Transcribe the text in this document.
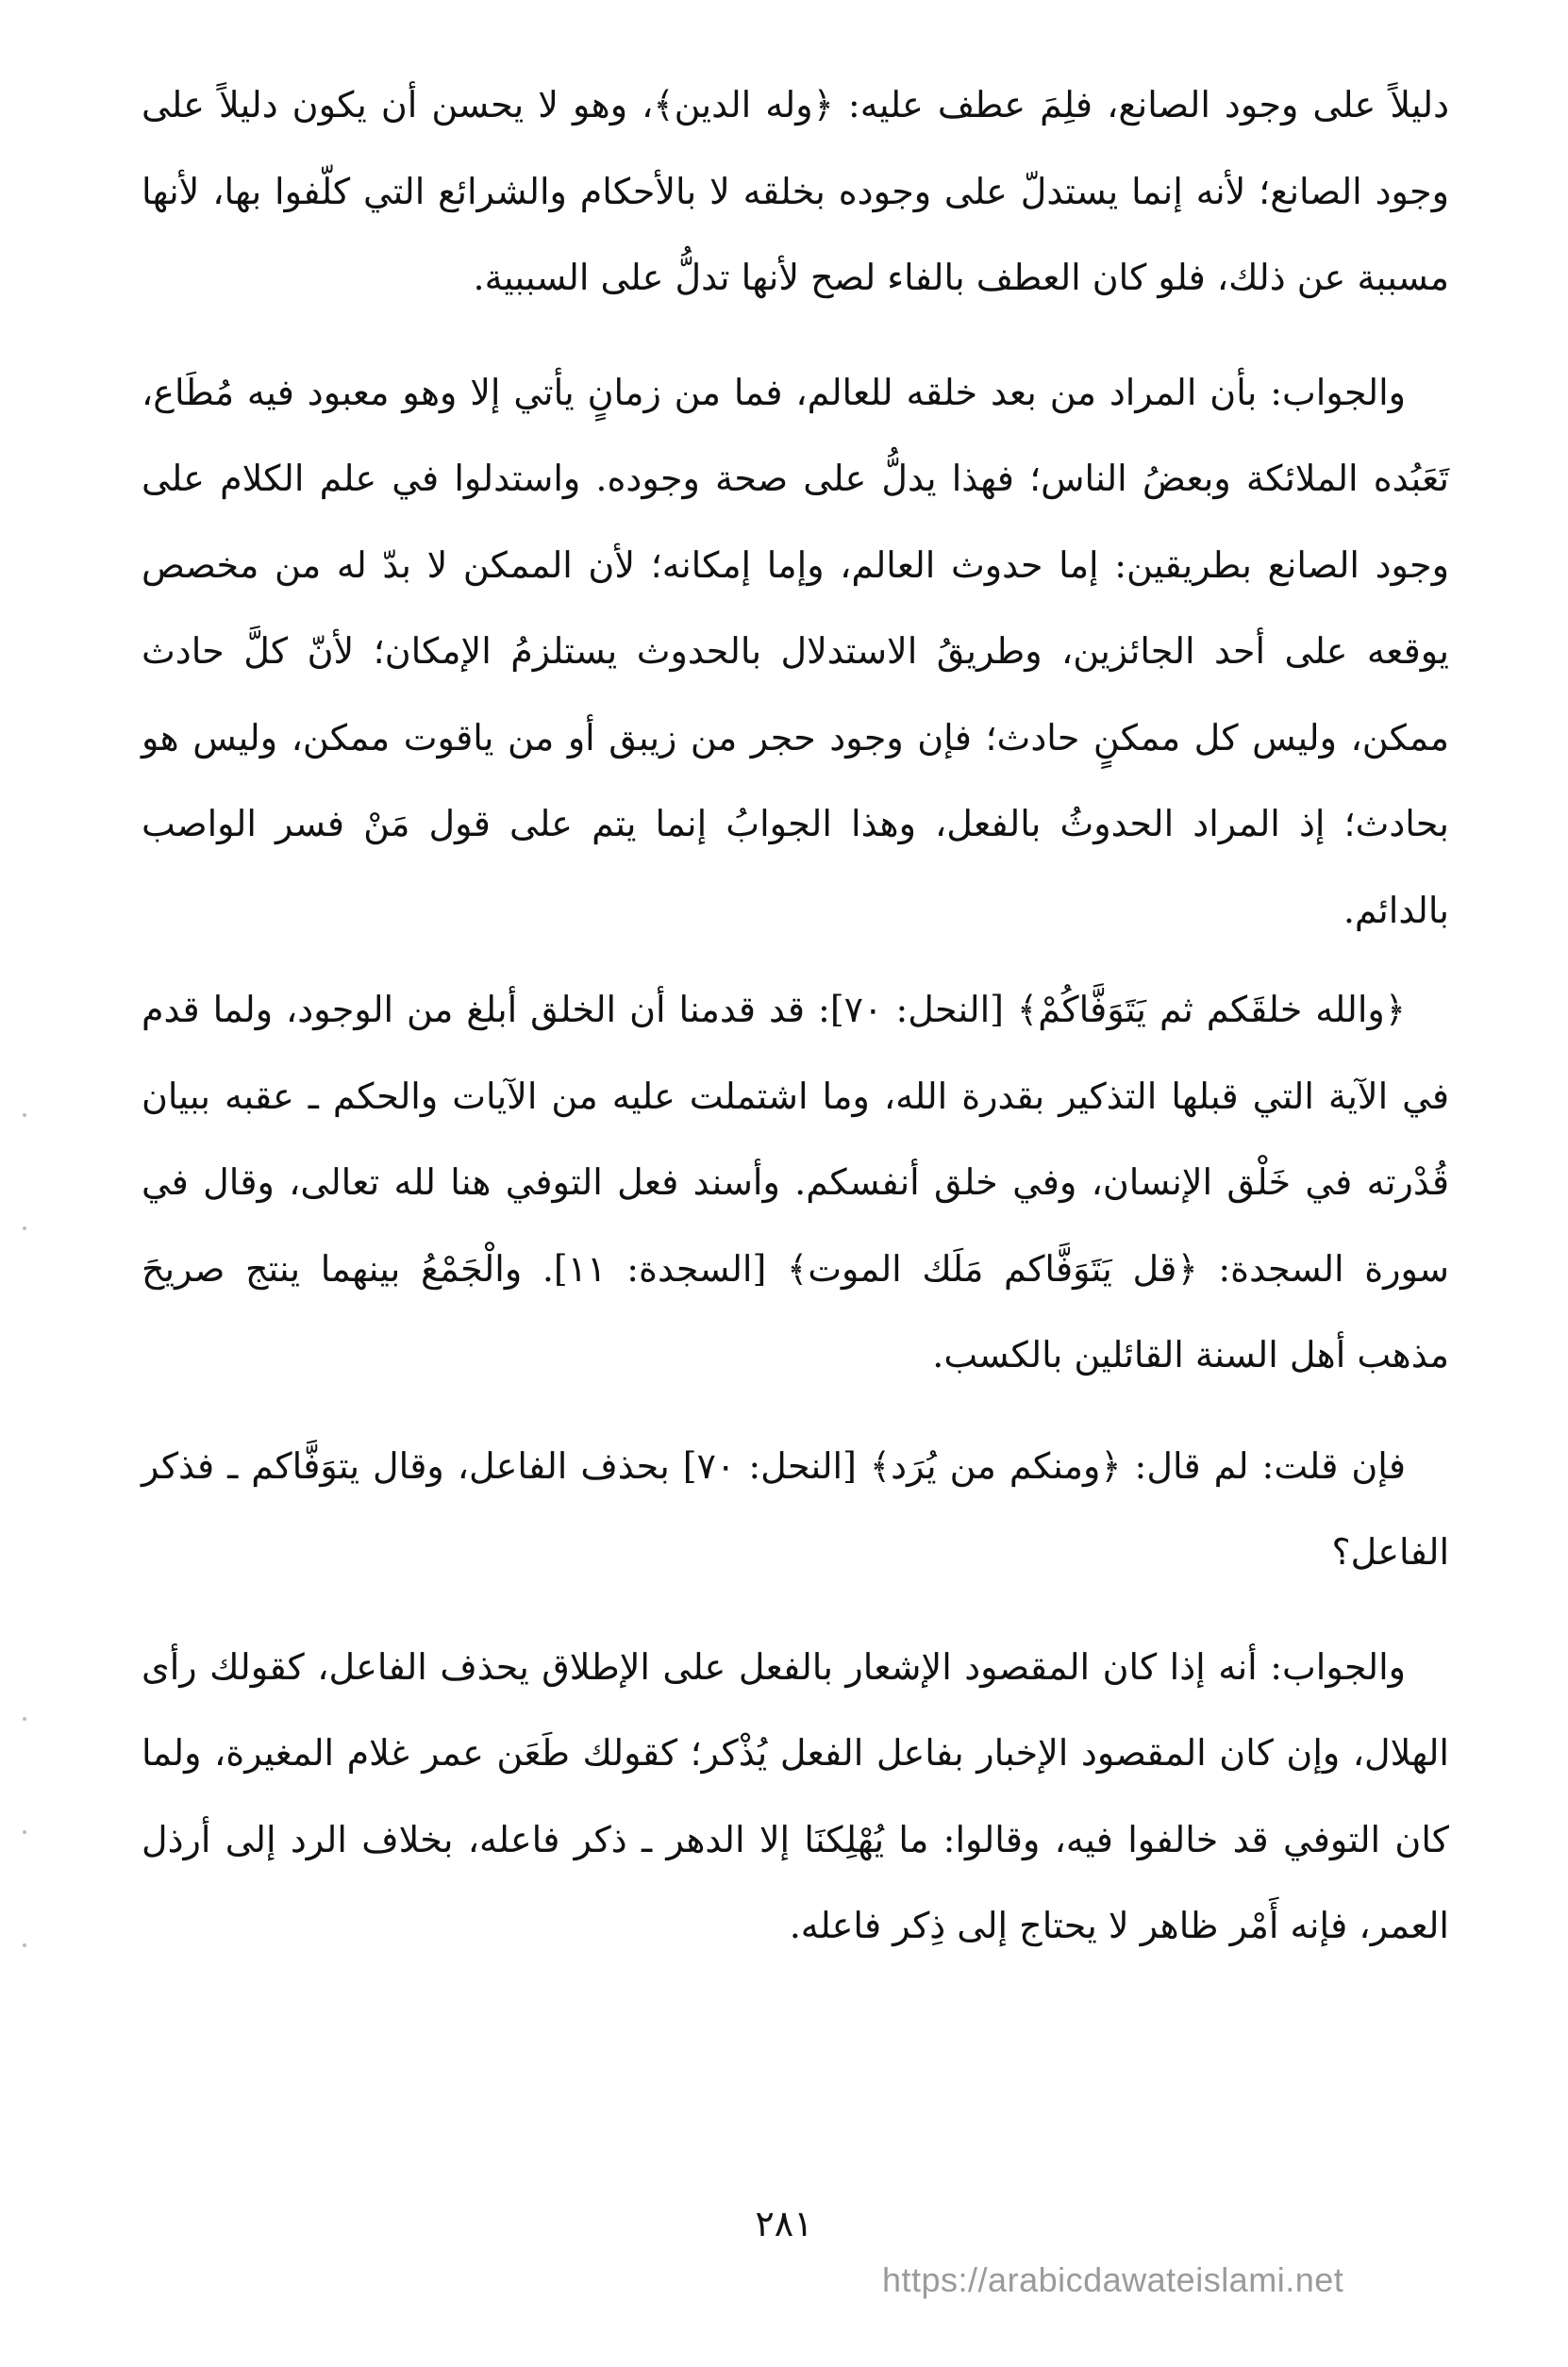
دليلاً على وجود الصانع، فلِمَ عطف عليه: ﴿وله الدين﴾، وهو لا يحسن أن يكون دليلاً على وجود الصانع؛ لأنه إنما يستدلّ على وجوده بخلقه لا بالأحكام والشرائع التي كلّفوا بها، لأنها مسببة عن ذلك، فلو كان العطف بالفاء لصح لأنها تدلُّ على السببية.

والجواب: بأن المراد من بعد خلقه للعالم، فما من زمانٍ يأتي إلا وهو معبود فيه مُطَاع، تَعَبُده الملائكة وبعضُ الناس؛ فهذا يدلُّ على صحة وجوده. واستدلوا في علم الكلام على وجود الصانع بطريقين: إما حدوث العالم، وإما إمكانه؛ لأن الممكن لا بدّ له من مخصص يوقعه على أحد الجائزين، وطريقُ الاستدلال بالحدوث يستلزمُ الإمكان؛ لأنّ كلَّ حادث ممكن، وليس كل ممكنٍ حادث؛ فإن وجود حجر من زيبق أو من ياقوت ممكن، وليس هو بحادث؛ إذ المراد الحدوثُ بالفعل، وهذا الجوابُ إنما يتم على قول مَنْ فسر الواصب بالدائم.

﴿والله خلقَكم ثم يَتَوَفَّاكُمْ﴾ [النحل: ٧٠]: قد قدمنا أن الخلق أبلغ من الوجود، ولما قدم في الآية التي قبلها التذكير بقدرة الله، وما اشتملت عليه من الآيات والحكم ـ عقبه ببيان قُدْرته في خَلْق الإنسان، وفي خلق أنفسكم. وأسند فعل التوفي هنا لله تعالى، وقال في سورة السجدة: ﴿قل يَتَوَفَّاكم مَلَك الموت﴾ [السجدة: ١١]. والْجَمْعُ بينهما ينتج صريحَ مذهب أهل السنة القائلين بالكسب.

فإن قلت: لم قال: ﴿ومنكم من يُرَد﴾ [النحل: ٧٠] بحذف الفاعل، وقال يتوَفَّاكم ـ فذكر الفاعل؟

والجواب: أنه إذا كان المقصود الإشعار بالفعل على الإطلاق يحذف الفاعل، كقولك رأى الهلال، وإن كان المقصود الإخبار بفاعل الفعل يُذْكر؛ كقولك طَعَن عمر غلام المغيرة، ولما كان التوفي قد خالفوا فيه، وقالوا: ما يُهْلِكنَا إلا الدهر ـ ذكر فاعله، بخلاف الرد إلى أرذل العمر، فإنه أَمْر ظاهر لا يحتاج إلى ذِكر فاعله.

٢٨١
https://arabicdawateislami.net
